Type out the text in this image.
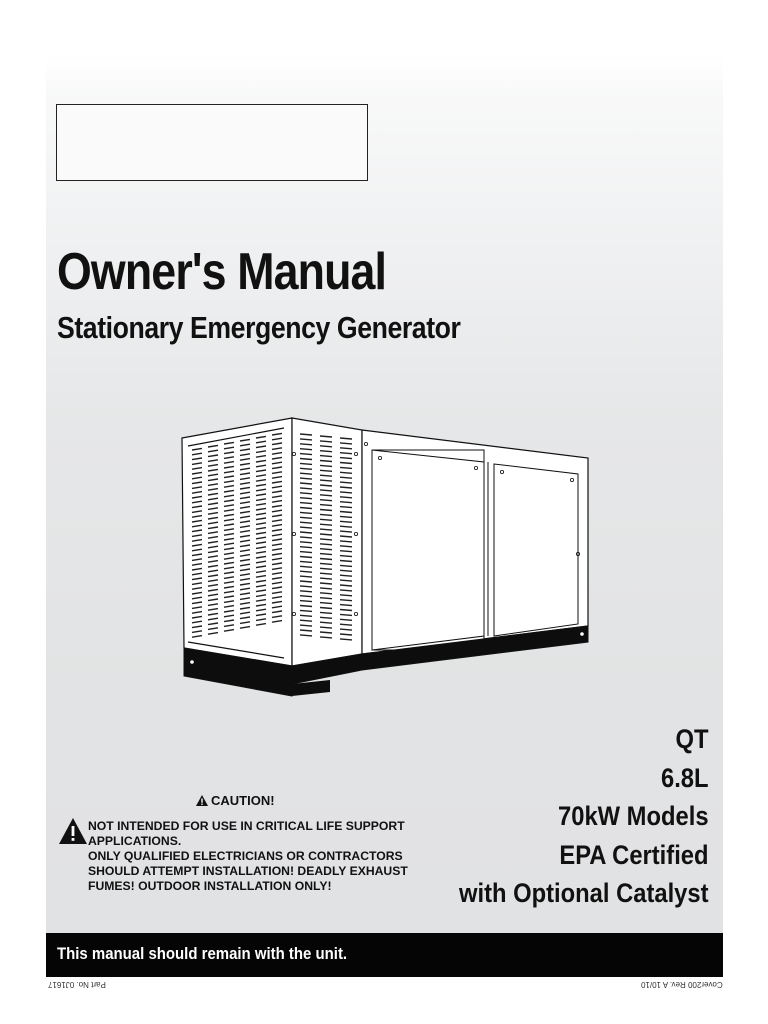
Owner's Manual
Stationary Emergency Generator
CAUTION!
NOT INTENDED FOR USE IN CRITICAL LIFE SUPPORT
APPLICATIONS.
ONLY QUALIFIED ELECTRICIANS OR CONTRACTORS
SHOULD ATTEMPT INSTALLATION! DEADLY EXHAUST
FUMES! OUTDOOR INSTALLATION ONLY!
QT
6.8L
70kW Models
EPA Certified
with Optional Catalyst
This manual should remain with the unit.
Part No. 0J1617	Cover200 Rev. A 10/10
